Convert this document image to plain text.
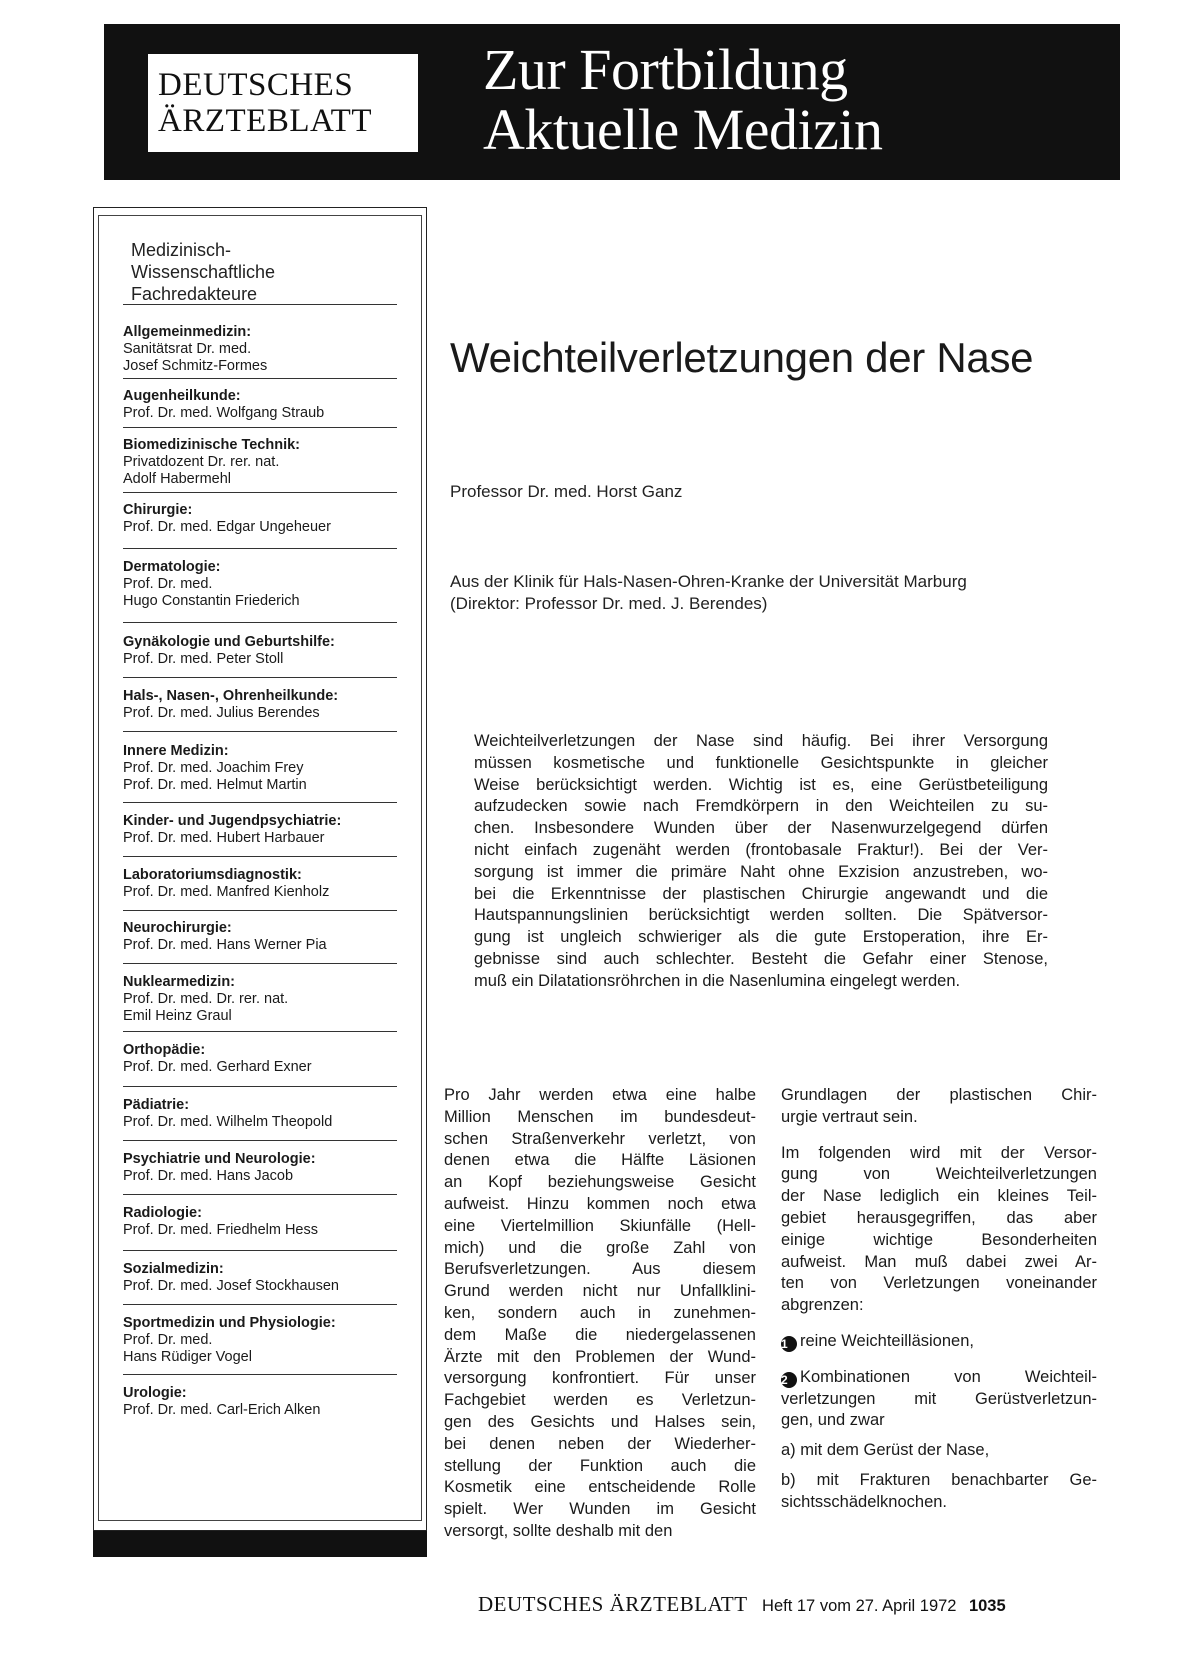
DEUTSCHES
ÄRZTEBLATT
Zur Fortbildung
Aktuelle Medizin
Medizinisch-
Wissenschaftliche
Fachredakteure
Allgemeinmedizin:
Sanitätsrat Dr. med.
Josef Schmitz-Formes
Augenheilkunde:
Prof. Dr. med. Wolfgang Straub
Biomedizinische Technik:
Privatdozent Dr. rer. nat.
Adolf Habermehl
Chirurgie:
Prof. Dr. med. Edgar Ungeheuer
Dermatologie:
Prof. Dr. med.
Hugo Constantin Friederich
Gynäkologie und Geburtshilfe:
Prof. Dr. med. Peter Stoll
Hals-, Nasen-, Ohrenheilkunde:
Prof. Dr. med. Julius Berendes
Innere Medizin:
Prof. Dr. med. Joachim Frey
Prof. Dr. med. Helmut Martin
Kinder- und Jugendpsychiatrie:
Prof. Dr. med. Hubert Harbauer
Laboratoriumsdiagnostik:
Prof. Dr. med. Manfred Kienholz
Neurochirurgie:
Prof. Dr. med. Hans Werner Pia
Nuklearmedizin:
Prof. Dr. med. Dr. rer. nat.
Emil Heinz Graul
Orthopädie:
Prof. Dr. med. Gerhard Exner
Pädiatrie:
Prof. Dr. med. Wilhelm Theopold
Psychiatrie und Neurologie:
Prof. Dr. med. Hans Jacob
Radiologie:
Prof. Dr. med. Friedhelm Hess
Sozialmedizin:
Prof. Dr. med. Josef Stockhausen
Sportmedizin und Physiologie:
Prof. Dr. med.
Hans Rüdiger Vogel
Urologie:
Prof. Dr. med. Carl-Erich Alken
Weichteilverletzungen der Nase
Professor Dr. med. Horst Ganz
Aus der Klinik für Hals-Nasen-Ohren-Kranke der Universität Marburg
(Direktor: Professor Dr. med. J. Berendes)
Weichteilverletzungen der Nase sind häufig. Bei ihrer Versorgung
müssen kosmetische und funktionelle Gesichtspunkte in gleicher
Weise berücksichtigt werden. Wichtig ist es, eine Gerüstbeteiligung
aufzudecken sowie nach Fremdkörpern in den Weichteilen zu su-
chen. Insbesondere Wunden über der Nasenwurzelgegend dürfen
nicht einfach zugenäht werden (frontobasale Fraktur!). Bei der Ver-
sorgung ist immer die primäre Naht ohne Exzision anzustreben, wo-
bei die Erkenntnisse der plastischen Chirurgie angewandt und die
Hautspannungslinien berücksichtigt werden sollten. Die Spätversor-
gung ist ungleich schwieriger als die gute Erstoperation, ihre Er-
gebnisse sind auch schlechter. Besteht die Gefahr einer Stenose,
muß ein Dilatationsröhrchen in die Nasenlumina eingelegt werden.
Pro Jahr werden etwa eine halbe
Million Menschen im bundesdeut-
schen Straßenverkehr verletzt, von
denen etwa die Hälfte Läsionen
an Kopf beziehungsweise Gesicht
aufweist. Hinzu kommen noch etwa
eine Viertelmillion Skiunfälle (Hell-
mich) und die große Zahl von
Berufsverletzungen. Aus diesem
Grund werden nicht nur Unfallklini-
ken, sondern auch in zunehmen-
dem Maße die niedergelassenen
Ärzte mit den Problemen der Wund-
versorgung konfrontiert. Für unser
Fachgebiet werden es Verletzun-
gen des Gesichts und Halses sein,
bei denen neben der Wiederher-
stellung der Funktion auch die
Kosmetik eine entscheidende Rolle
spielt. Wer Wunden im Gesicht
versorgt, sollte deshalb mit den
Grundlagen der plastischen Chir-
urgie vertraut sein.
Im folgenden wird mit der Versor-
gung von Weichteilverletzungen
der Nase lediglich ein kleines Teil-
gebiet herausgegriffen, das aber
einige wichtige Besonderheiten
aufweist. Man muß dabei zwei Ar-
ten von Verletzungen voneinander
abgrenzen:
1 reine Weichteilläsionen,
2 Kombinationen von Weichteil-
verletzungen mit Gerüstverletzun-
gen, und zwar
a) mit dem Gerüst der Nase,
b) mit Frakturen benachbarter Ge-
sichtsschädelknochen.
DEUTSCHES ÄRZTEBLATT Heft 17 vom 27. April 1972 1035
